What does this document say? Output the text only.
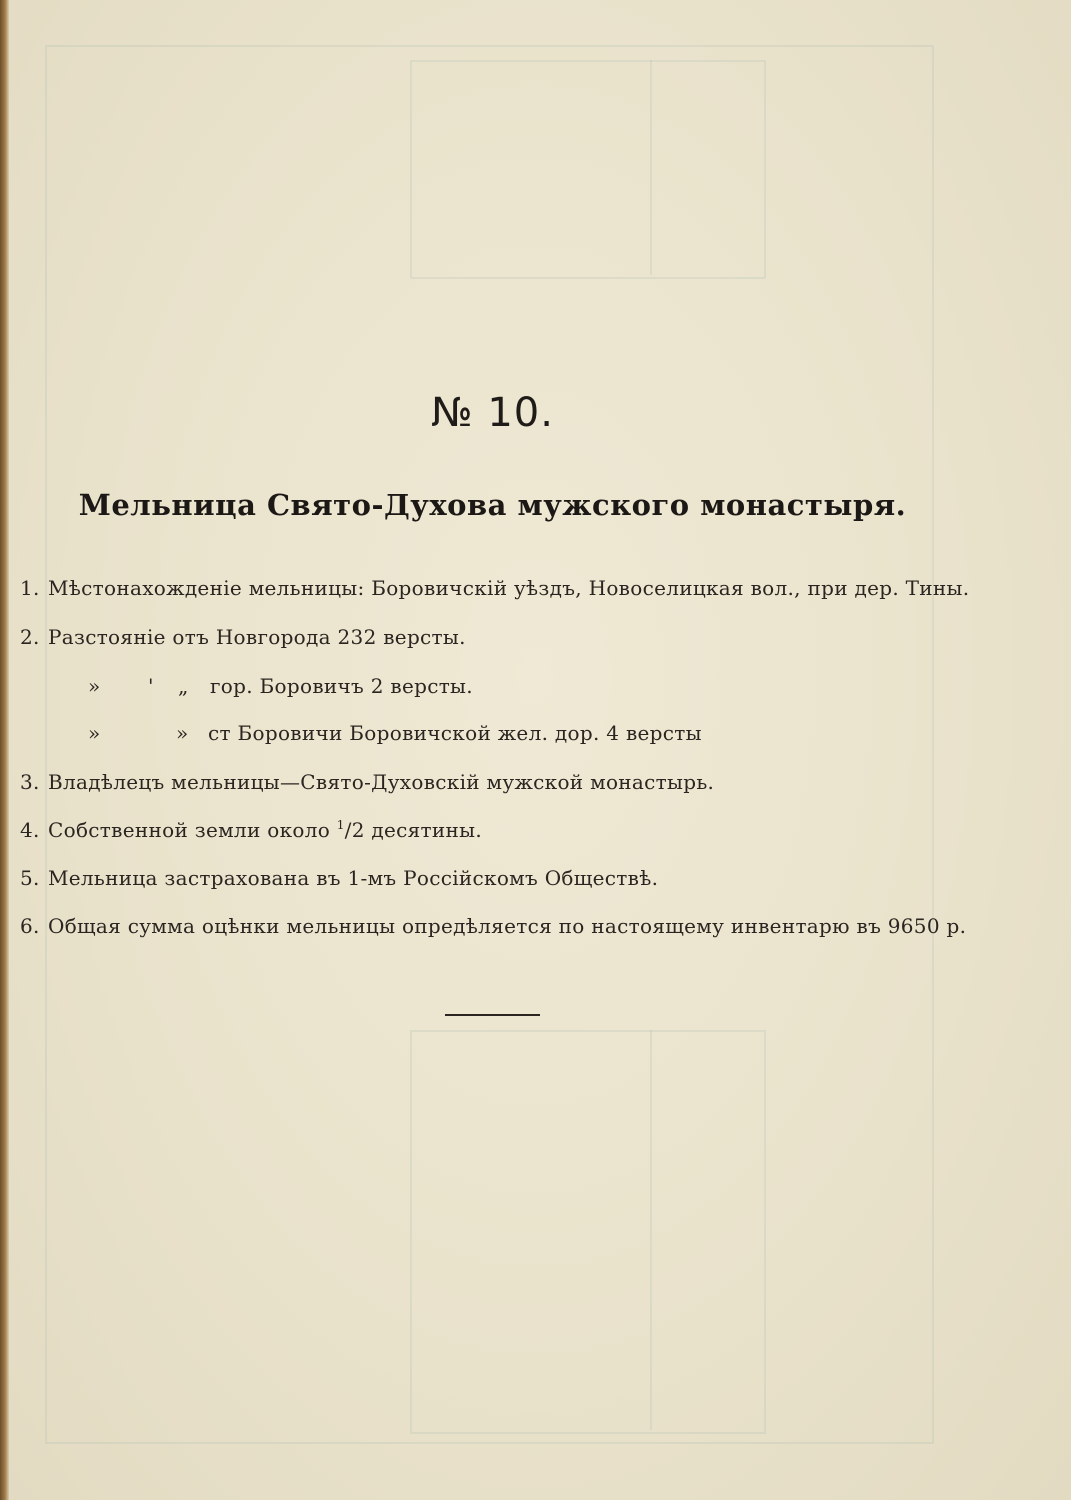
№ 10.
Мельница Свято-Духова мужского монастыря.
1. Мѣстонахожденіе мельницы: Боровичскій уѣздъ, Новоселицкая вол., при дер. Тины.
2. Разстояніе отъ Новгорода 232 версты.
» ' „ гор. Боровичъ 2 версты.
»	» ст Боровичи Боровичской жел. дор. 4 версты
3. Владѣлецъ мельницы—Свято-Духовскій мужской монастырь.
4. Собственной земли около $^1$/2 десятины.
5. Мельница застрахована въ 1-мъ Россійскомъ Обществѣ.
6. Общая сумма оцѣнки мельницы опредѣляется по настоящему инвентарю въ 9650 р.
